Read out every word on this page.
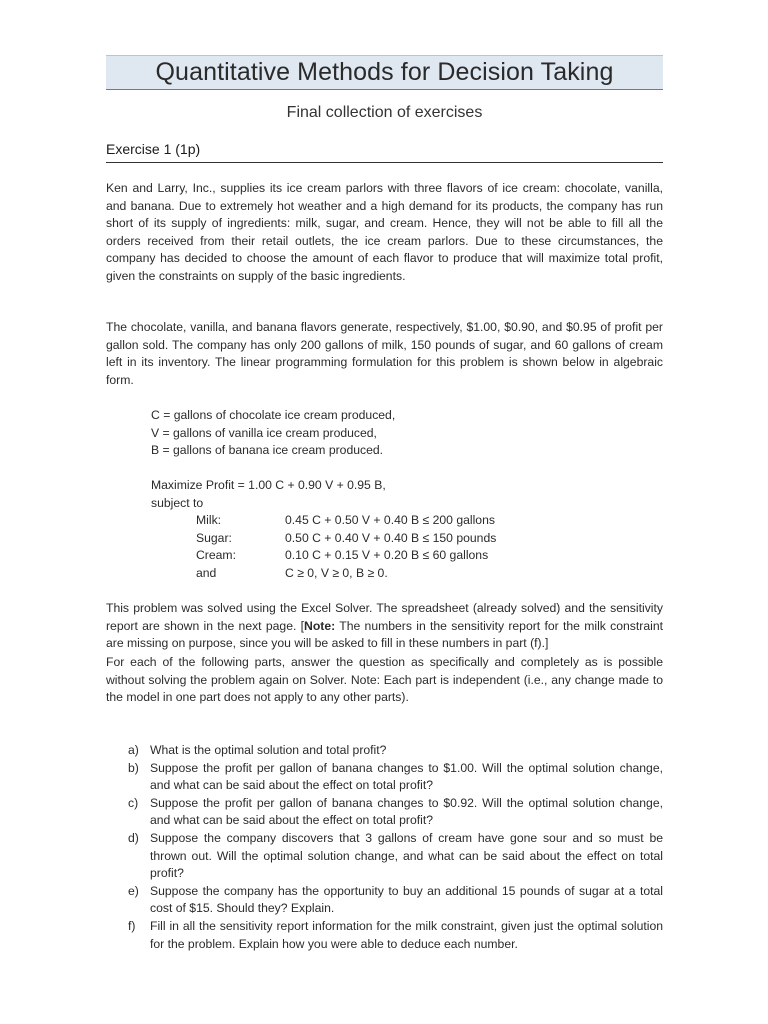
Quantitative Methods for Decision Taking
Final collection of exercises
Exercise 1 (1p)

Ken and Larry, Inc., supplies its ice cream parlors with three flavors of ice cream: chocolate, vanilla, and banana. Due to extremely hot weather and a high demand for its products, the company has run short of its supply of ingredients: milk, sugar, and cream. Hence, they will not be able to fill all the orders received from their retail outlets, the ice cream parlors. Due to these circumstances, the company has decided to choose the amount of each flavor to produce that will maximize total profit, given the constraints on supply of the basic ingredients.

The chocolate, vanilla, and banana flavors generate, respectively, $1.00, $0.90, and $0.95 of profit per gallon sold. The company has only 200 gallons of milk, 150 pounds of sugar, and 60 gallons of cream left in its inventory. The linear programming formulation for this problem is shown below in algebraic form.

C = gallons of chocolate ice cream produced,
V = gallons of vanilla ice cream produced,
B = gallons of banana ice cream produced.
Maximize Profit = 1.00 C + 0.90 V + 0.95 B,
subject to
Milk:	0.45 C + 0.50 V + 0.40 B ≤ 200 gallons
Sugar:	0.50 C + 0.40 V + 0.40 B ≤ 150 pounds
Cream:	0.10 C + 0.15 V + 0.20 B ≤ 60 gallons
and	C ≥ 0, V ≥ 0, B ≥ 0.

This problem was solved using the Excel Solver. The spreadsheet (already solved) and the sensitivity report are shown in the next page. [Note: The numbers in the sensitivity report for the milk constraint are missing on purpose, since you will be asked to fill in these numbers in part (f).]

For each of the following parts, answer the question as specifically and completely as is possible without solving the problem again on Solver. Note: Each part is independent (i.e., any change made to the model in one part does not apply to any other parts).

a) What is the optimal solution and total profit?
b) Suppose the profit per gallon of banana changes to $1.00. Will the optimal solution change, and what can be said about the effect on total profit?
c) Suppose the profit per gallon of banana changes to $0.92. Will the optimal solution change, and what can be said about the effect on total profit?
d) Suppose the company discovers that 3 gallons of cream have gone sour and so must be thrown out. Will the optimal solution change, and what can be said about the effect on total profit?
e) Suppose the company has the opportunity to buy an additional 15 pounds of sugar at a total cost of $15. Should they? Explain.
f) Fill in all the sensitivity report information for the milk constraint, given just the optimal solution for the problem. Explain how you were able to deduce each number.
